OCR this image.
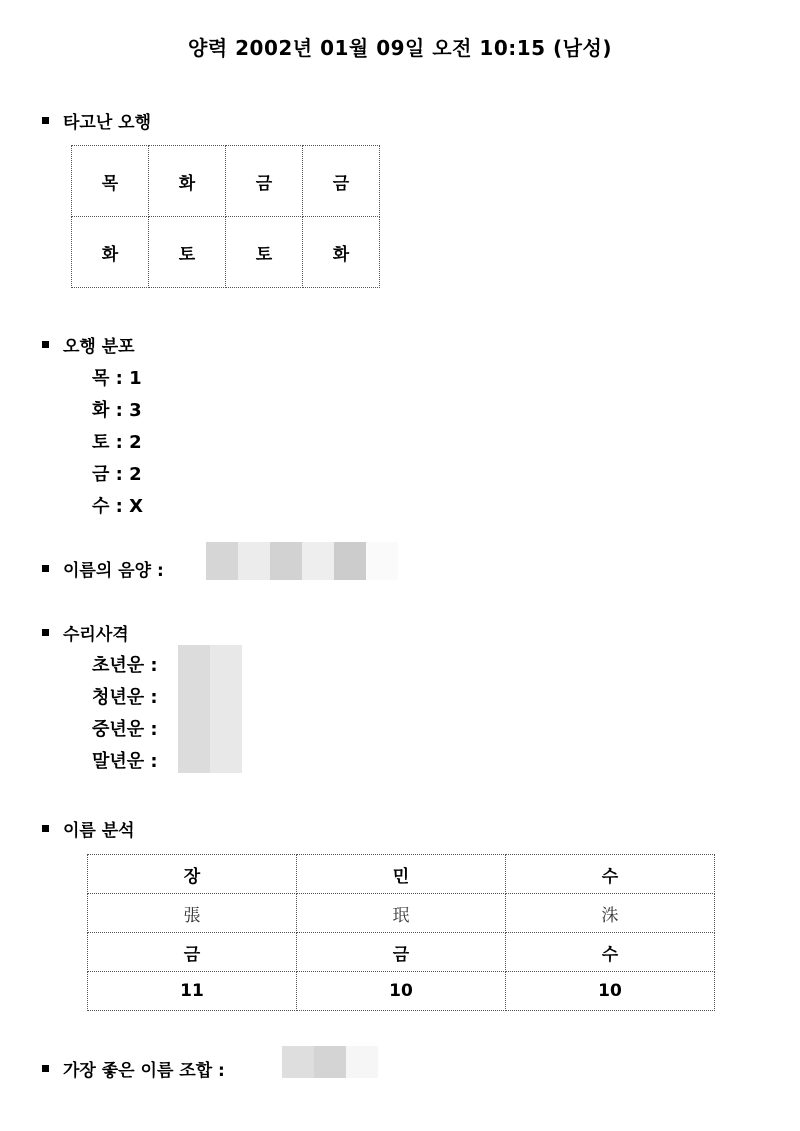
양력 2002년 01월 09일 오전 10:15 (남성)
타고난 오행
목	화	금	금
화	토	토	화
오행 분포
목 : 1
화 : 3
토 : 2
금 : 2
수 : X
이름의 음양 :
수리사격
초년운 :
청년운 :
중년운 :
말년운 :
이름 분석
장	민	수
張	珉	洙
금	금	수
11	10	10
가장 좋은 이름 조합 :
